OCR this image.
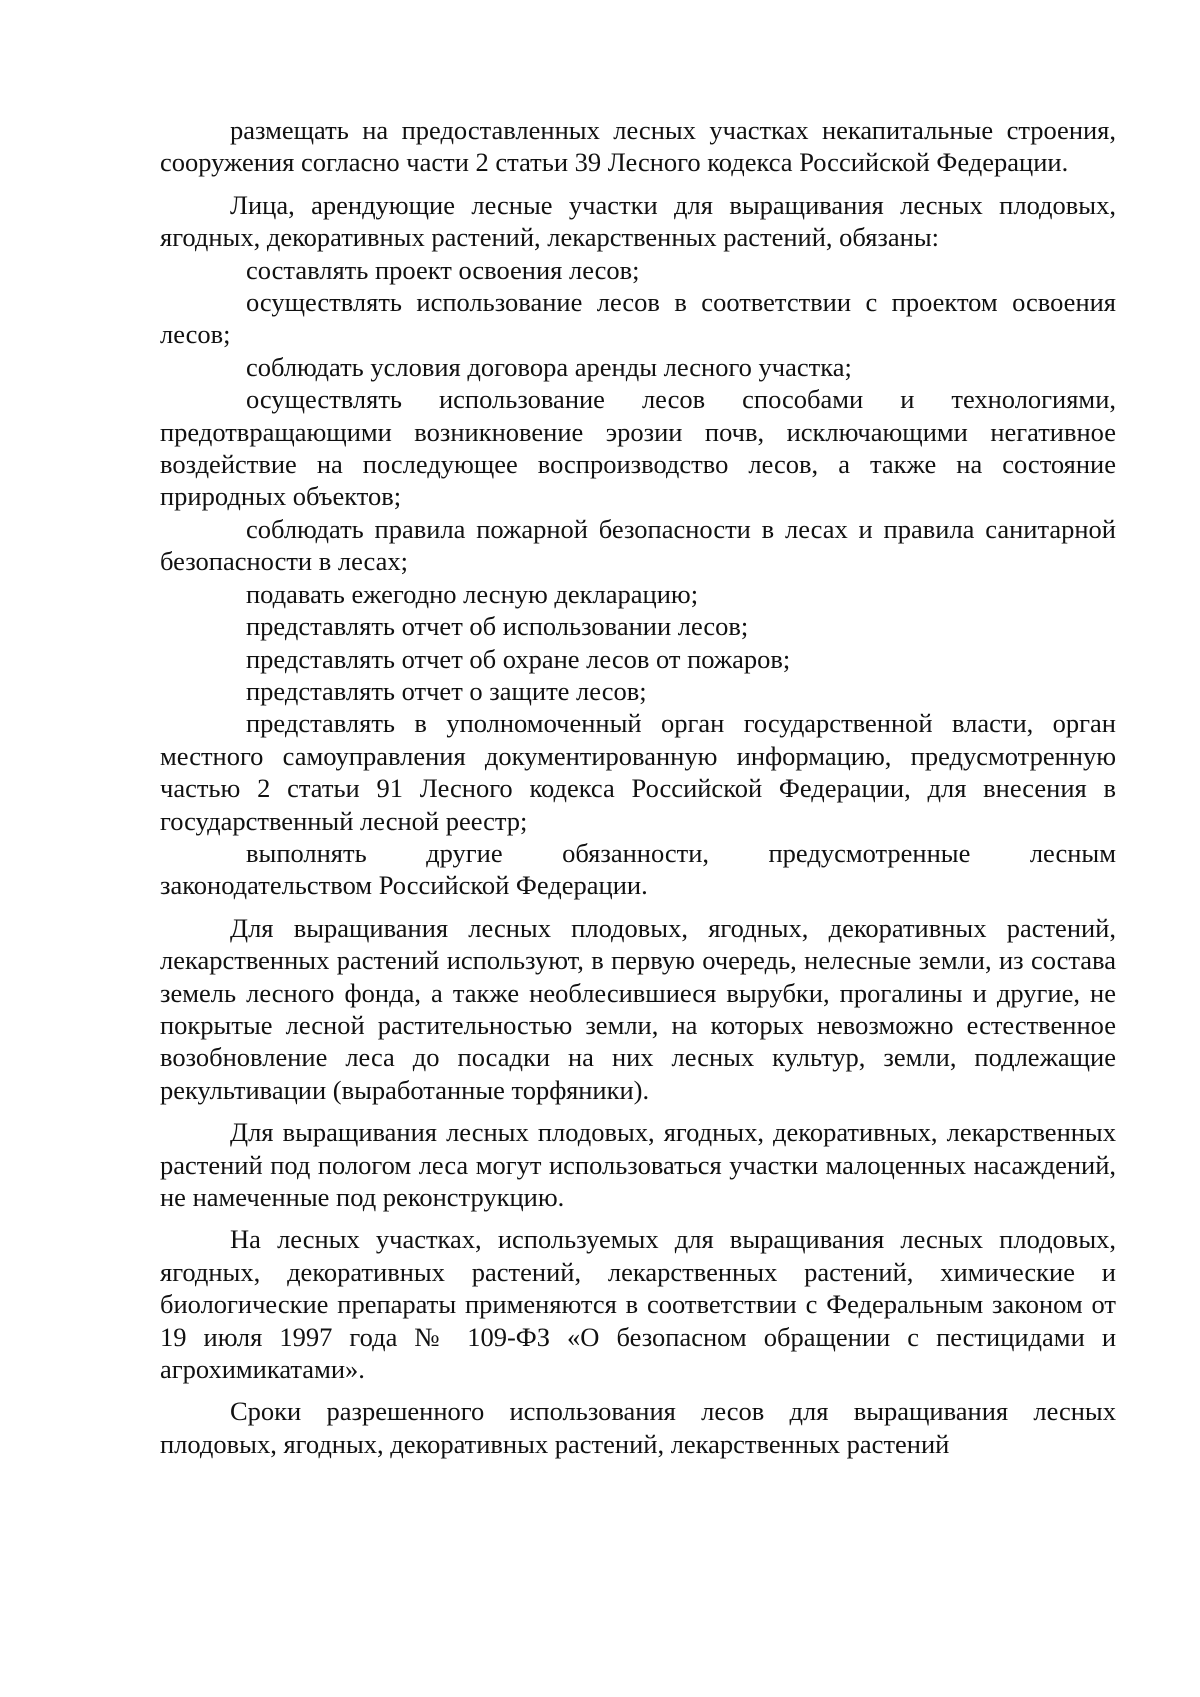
размещать на предоставленных лесных участках некапитальные строения, сооружения согласно части 2 статьи 39 Лесного кодекса Российской Федерации.

Лица, арендующие лесные участки для выращивания лесных плодовых, ягодных, декоративных растений, лекарственных растений, обязаны:

составлять проект освоения лесов;

осуществлять использование лесов в соответствии с проектом освоения лесов;

соблюдать условия договора аренды лесного участка;

осуществлять использование лесов способами и технологиями, предотвращающими возникновение эрозии почв, исключающими негативное воздействие на последующее воспроизводство лесов, а также на состояние природных объектов;

соблюдать правила пожарной безопасности в лесах и правила санитарной безопасности в лесах;

подавать ежегодно лесную декларацию;

представлять отчет об использовании лесов;

представлять отчет об охране лесов от пожаров;

представлять отчет о защите лесов;

представлять в уполномоченный орган государственной власти, орган местного самоуправления документированную информацию, предусмотренную частью 2 статьи 91 Лесного кодекса Российской Федерации, для внесения в государственный лесной реестр;

выполнять другие обязанности, предусмотренные лесным законодательством Российской Федерации.

Для выращивания лесных плодовых, ягодных, декоративных растений, лекарственных растений используют, в первую очередь, нелесные земли, из состава земель лесного фонда, а также необлесившиеся вырубки, прогалины и другие, не покрытые лесной растительностью земли, на которых невозможно естественное возобновление леса до посадки на них лесных культур, земли, подлежащие рекультивации (выработанные торфяники).

Для выращивания лесных плодовых, ягодных, декоративных, лекарственных растений под пологом леса могут использоваться участки малоценных насаждений, не намеченные под реконструкцию.

На лесных участках, используемых для выращивания лесных плодовых, ягодных, декоративных растений, лекарственных растений, химические и биологические препараты применяются в соответствии с Федеральным законом от 19 июля 1997 года № 109-ФЗ «О безопасном обращении с пестицидами и агрохимикатами».

Сроки разрешенного использования лесов для выращивания лесных плодовых, ягодных, декоративных растений, лекарственных растений
